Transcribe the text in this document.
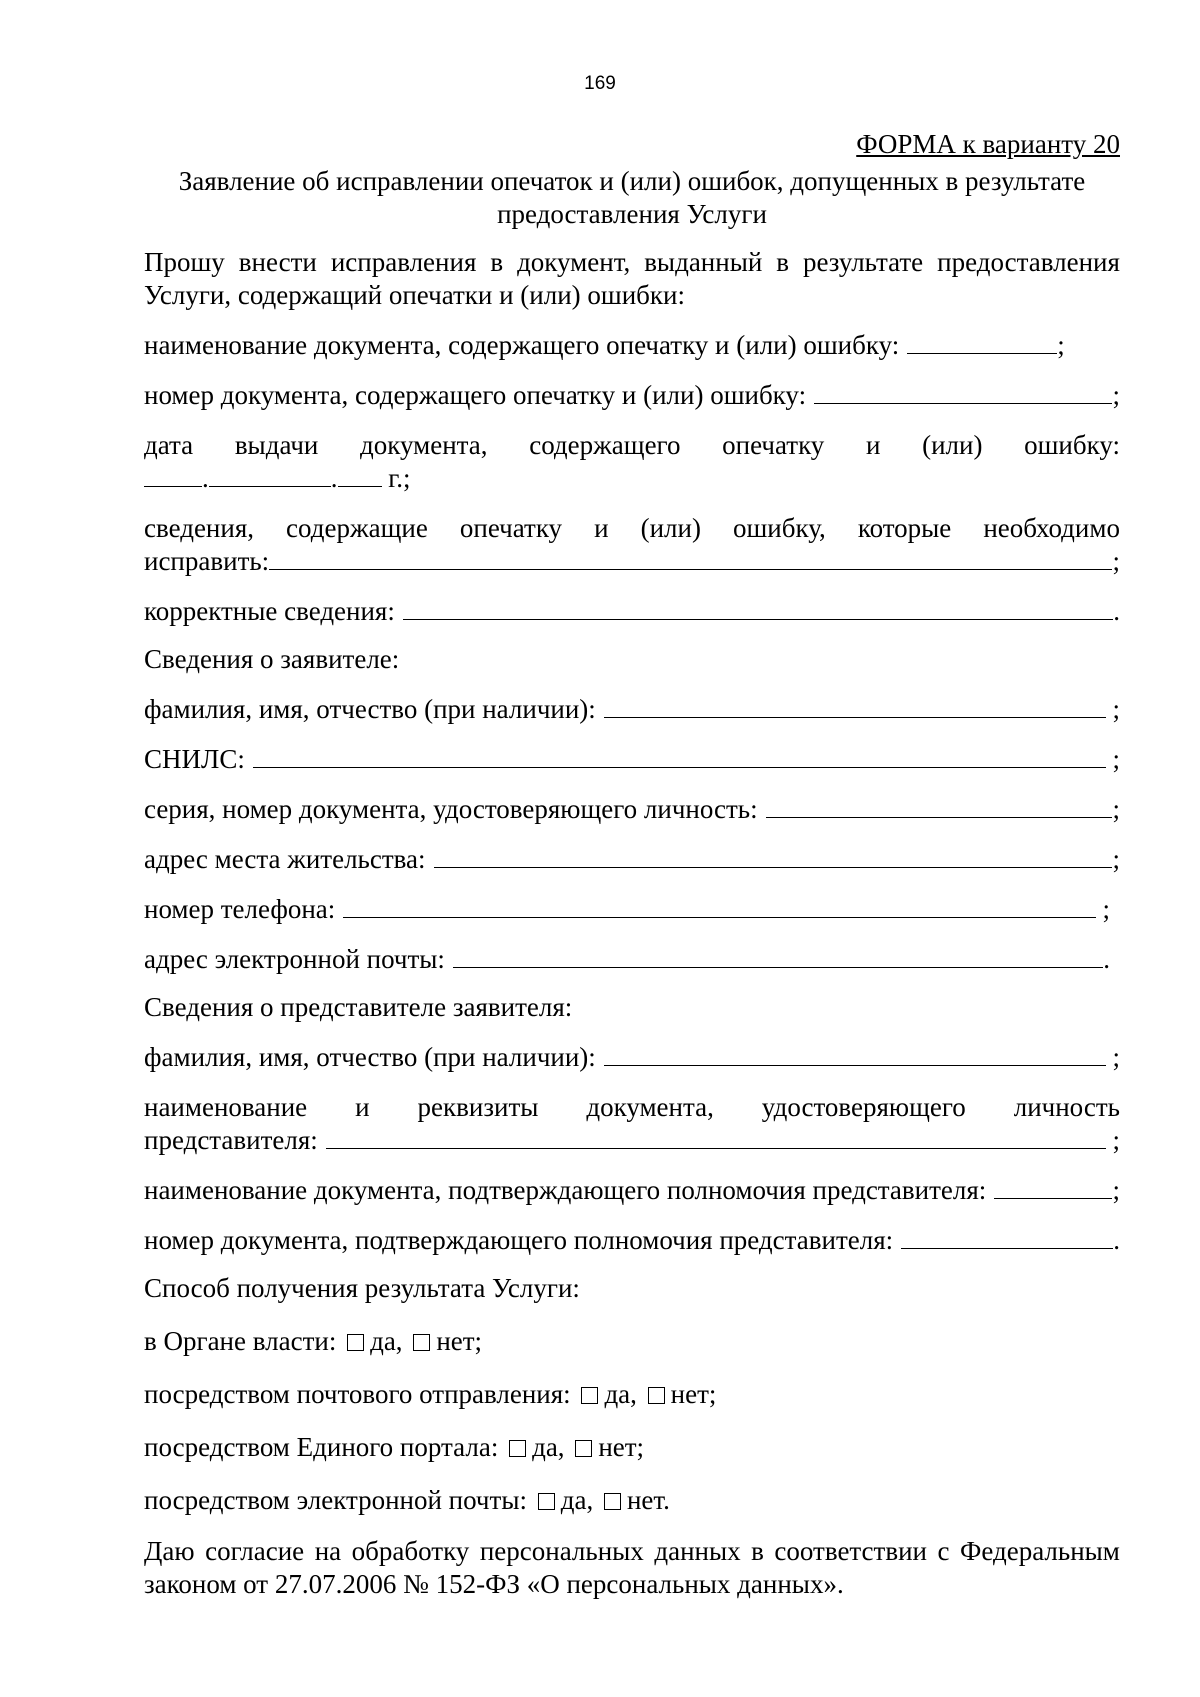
169

ФОРМА к варианту 20

Заявление об исправлении опечаток и (или) ошибок, допущенных в результате
предоставления Услуги
Прошу внести исправления в документ, выданный в результате предоставления
Услуги, содержащий опечатки и (или) ошибки:
наименование документа, содержащего опечатку и (или) ошибку:	;
номер документа, содержащего опечатку и (или) ошибку:	;
дата выдачи документа, содержащего опечатку и (или) ошибку:
.	. г.;
сведения, содержащие опечатку и (или) ошибку, которые необходимо
исправить:	;
корректные сведения:	.
Сведения о заявителе:
фамилия, имя, отчество (при наличии):	;
СНИЛС:	;
серия, номер документа, удостоверяющего личность:	;
адрес места жительства:	;
номер телефона:	;
адрес электронной почты:	.
Сведения о представителе заявителя:
фамилия, имя, отчество (при наличии):	;
наименование и реквизиты документа, удостоверяющего личность
представителя:	;
наименование документа, подтверждающего полномочия представителя:	;
номер документа, подтверждающего полномочия представителя:	.
Способ получения результата Услуги:
в Органе власти: да, нет;
посредством почтового отправления: да, нет;
посредством Единого портала: да, нет;
посредством электронной почты: да, нет.
Даю согласие на обработку персональных данных в соответствии с Федеральным
законом от 27.07.2006 № 152-ФЗ «О персональных данных».
